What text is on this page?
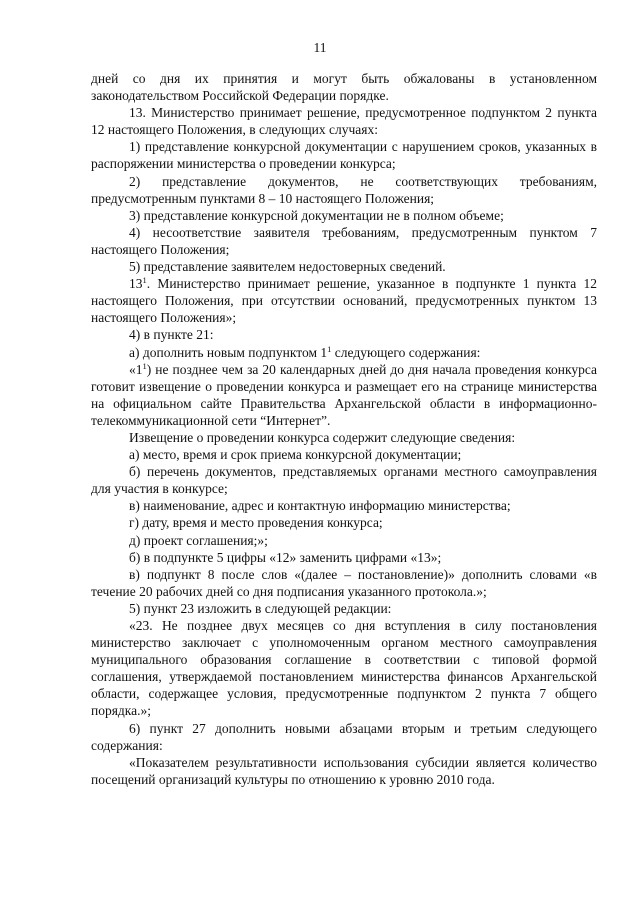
11

дней со дня их принятия и могут быть обжалованы в установленном законодательством Российской Федерации порядке.

13. Министерство принимает решение, предусмотренное подпунктом 2 пункта 12 настоящего Положения, в следующих случаях:

1) представление конкурсной документации с нарушением сроков, указанных в распоряжении министерства о проведении конкурса;

2) представление документов, не соответствующих требованиям, предусмотренным пунктами 8 – 10 настоящего Положения;

3) представление конкурсной документации не в полном объеме;

4) несоответствие заявителя требованиям, предусмотренным пунктом 7 настоящего Положения;

5) представление заявителем недостоверных сведений.

$13^1$. Министерство принимает решение, указанное в подпункте 1 пункта 12 настоящего Положения, при отсутствии оснований, предусмотренных пунктом 13 настоящего Положения»;

4) в пункте 21:

а) дополнить новым подпунктом $1^1$ следующего содержания:

«$1^1$) не позднее чем за 20 календарных дней до дня начала проведения конкурса готовит извещение о проведении конкурса и размещает его на странице министерства на официальном сайте Правительства Архангельской области в информационно-телекоммуникационной сети “Интернет”.

Извещение о проведении конкурса содержит следующие сведения:

а) место, время и срок приема конкурсной документации;

б) перечень документов, представляемых органами местного самоуправления для участия в конкурсе;

в) наименование, адрес и контактную информацию министерства;

г) дату, время и место проведения конкурса;

д) проект соглашения;»;

б) в подпункте 5 цифры «12» заменить цифрами «13»;

в) подпункт 8 после слов «(далее – постановление)» дополнить словами «в течение 20 рабочих дней со дня подписания указанного протокола.»;

5) пункт 23 изложить в следующей редакции:

«23. Не позднее двух месяцев со дня вступления в силу постановления министерство заключает с уполномоченным органом местного самоуправления муниципального образования соглашение в соответствии с типовой формой соглашения, утверждаемой постановлением министерства финансов Архангельской области, содержащее условия, предусмотренные подпунктом 2 пункта 7 общего порядка.»;

6) пункт 27 дополнить новыми абзацами вторым и третьим следующего содержания:

«Показателем результативности использования субсидии является количество посещений организаций культуры по отношению к уровню 2010 года.
